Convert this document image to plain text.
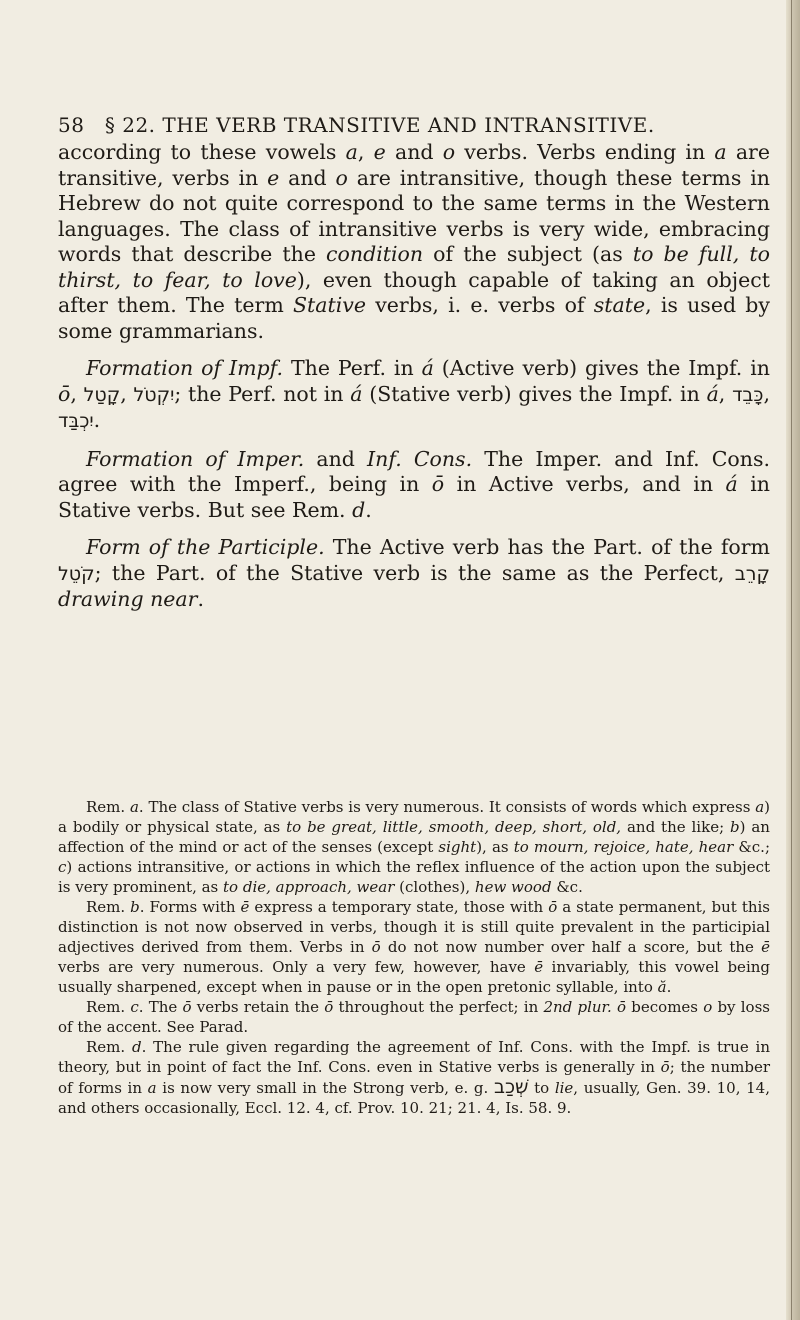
58 § 22. THE VERB TRANSITIVE AND INTRANSITIVE.

according to these vowels a, e and o verbs. Verbs ending in a are transitive, verbs in e and o are intransitive, though these terms in Hebrew do not quite correspond to the same terms in the Western languages. The class of intransitive verbs is very wide, embracing words that describe the condition of the subject (as to be full, to thirst, to fear, to love), even though capable of taking an object after them. The term Stative verbs, i. e. verbs of state, is used by some grammarians.

Formation of Impf. The Perf. in á (Active verb) gives the Impf. in ō, קָטַל, יִקְטֹל; the Perf. not in á (Stative verb) gives the Impf. in á, כָּבֵד, יִכְבַּד.

Formation of Imper. and Inf. Cons. The Imper. and Inf. Cons. agree with the Imperf., being in ō in Active verbs, and in á in Stative verbs. But see Rem. d.

Form of the Participle. The Active verb has the Part. of the form קֹטֵל; the Part. of the Stative verb is the same as the Perfect, קָרֵב drawing near.

Rem. a. The class of Stative verbs is very numerous. It consists of words which express a) a bodily or physical state, as to be great, little, smooth, deep, short, old, and the like; b) an affection of the mind or act of the senses (except sight), as to mourn, rejoice, hate, hear &c.; c) actions intransitive, or actions in which the reflex influence of the action upon the subject is very prominent, as to die, approach, wear (clothes), hew wood &c.

Rem. b. Forms with ē express a temporary state, those with ō a state permanent, but this distinction is not now observed in verbs, though it is still quite prevalent in the participial adjectives derived from them. Verbs in ō do not now number over half a score, but the ē verbs are very numerous. Only a very few, however, have ē invariably, this vowel being usually sharpened, except when in pause or in the open pretonic syllable, into ă.

Rem. c. The ō verbs retain the ō throughout the perfect; in 2nd plur. ō becomes o by loss of the accent. See Parad.

Rem. d. The rule given regarding the agreement of Inf. Cons. with the Impf. is true in theory, but in point of fact the Inf. Cons. even in Stative verbs is generally in ō; the number of forms in a is now very small in the Strong verb, e. g. שְׁכַב to lie, usually, Gen. 39. 10, 14, and others occasionally, Eccl. 12. 4, cf. Prov. 10. 21; 21. 4, Is. 58. 9.
